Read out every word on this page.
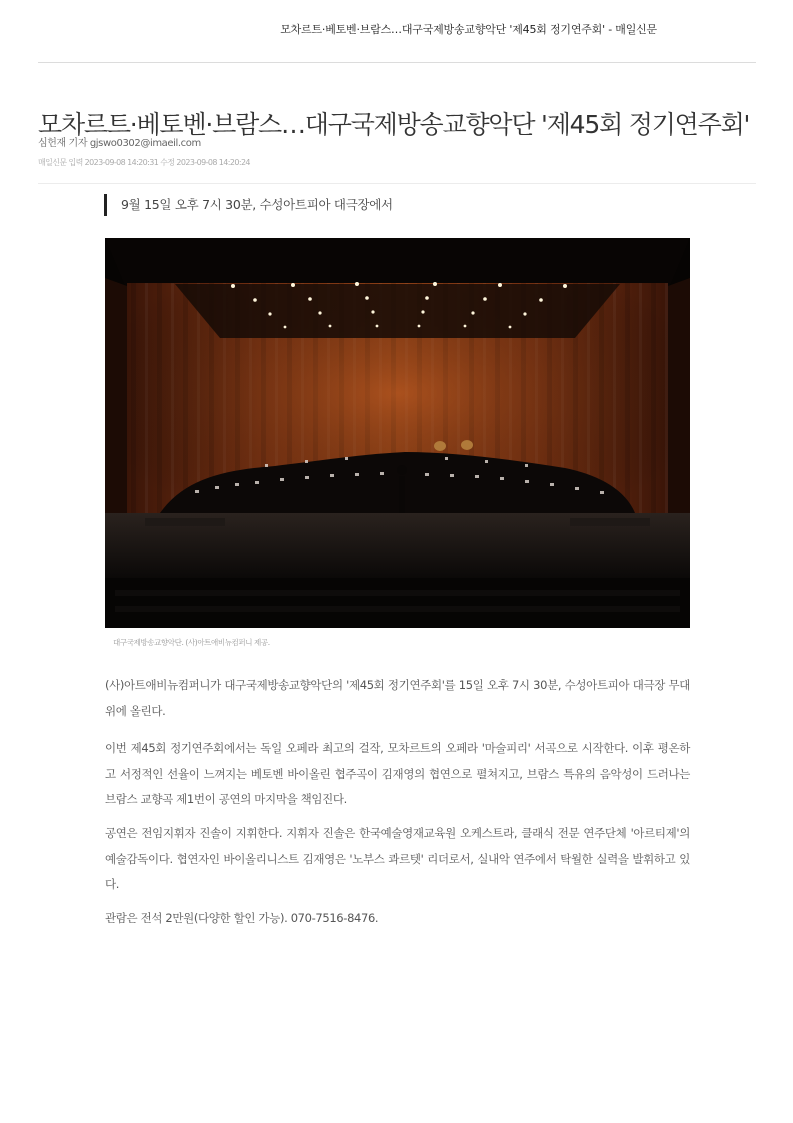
모차르트·베토벤·브람스…대구국제방송교향악단 '제45회 정기연주회' - 매일신문
모차르트·베토벤·브람스…대구국제방송교향악단 '제45회 정기연주회'
심헌재 기자 gjswo0302@imaeil.com
매일신문 입력 2023-09-08 14:20:31 수정 2023-09-08 14:20:24
9월 15일 오후 7시 30분, 수성아트피아 대극장에서
대구국제방송교향악단. (사)아트애비뉴컴퍼니 제공.

(사)아트애비뉴컴퍼니가 대구국제방송교향악단의 '제45회 정기연주회'를 15일 오후 7시 30분, 수성아트피아 대극장 무대 위에 올린다.

이번 제45회 정기연주회에서는 독일 오페라 최고의 걸작, 모차르트의 오페라 '마술피리' 서곡으로 시작한다. 이후 평온하고 서정적인 선율이 느껴지는 베토벤 바이올린 협주곡이 김재영의 협연으로 펼쳐지고, 브람스 특유의 음악성이 드러나는 브람스 교향곡 제1번이 공연의 마지막을 책임진다.

공연은 전임지휘자 진솔이 지휘한다. 지휘자 진솔은 한국예술영재교육원 오케스트라, 클래식 전문 연주단체 '아르티제'의 예술감독이다. 협연자인 바이올리니스트 김재영은 '노부스 콰르텟' 리더로서, 실내악 연주에서 탁월한 실력을 발휘하고 있다.

관람은 전석 2만원(다양한 할인 가능). 070-7516-8476.
